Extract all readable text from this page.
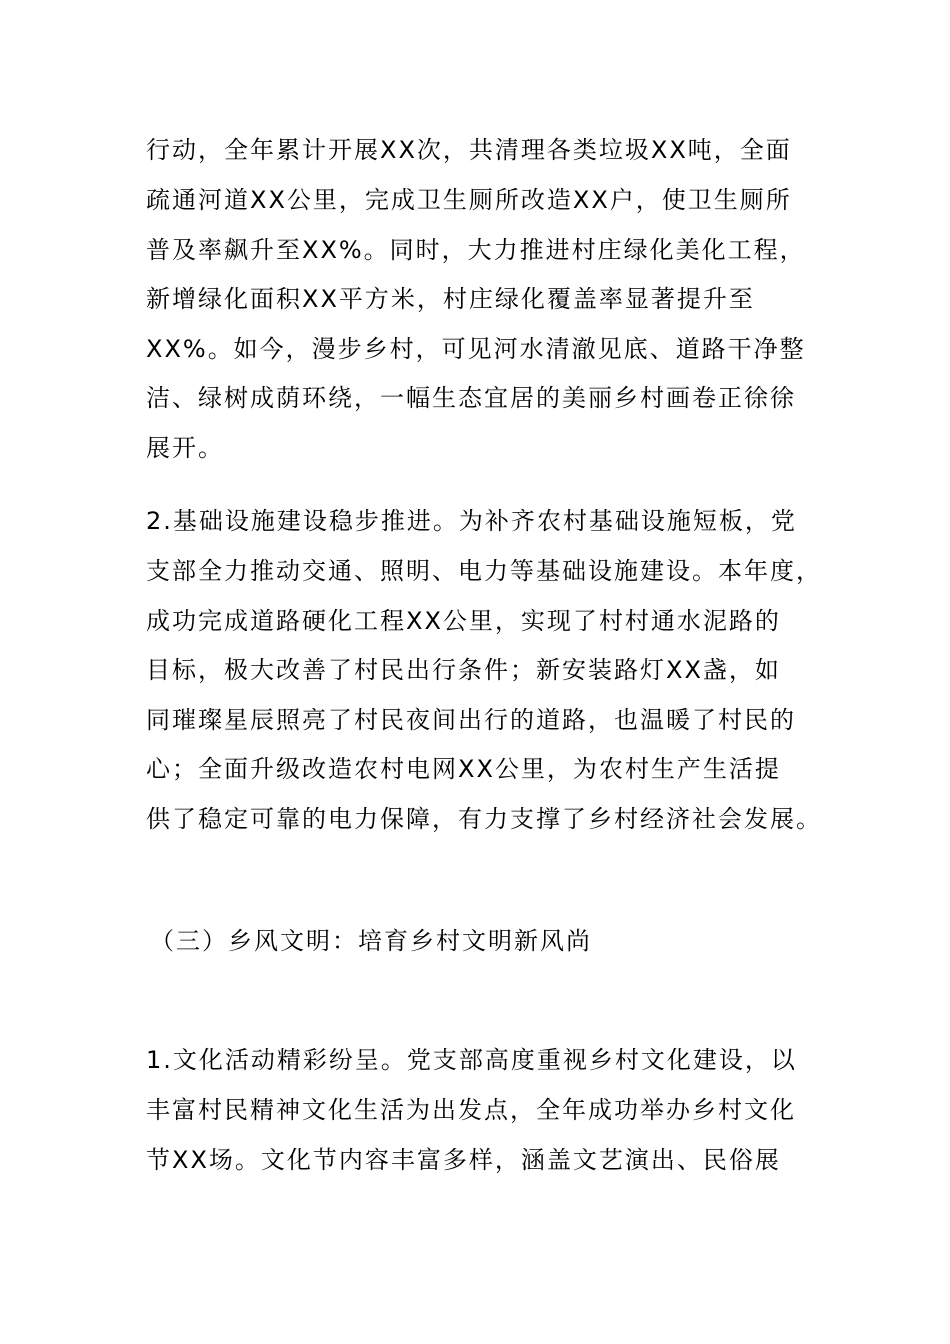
行动，全年累计开展XX次，共清理各类垃圾XX吨，全面
疏通河道XX公里，完成卫生厕所改造XX户，使卫生厕所
普及率飙升至XX%。同时，大力推进村庄绿化美化工程，
新增绿化面积XX平方米，村庄绿化覆盖率显著提升至
XX%。如今，漫步乡村，可见河水清澈见底、道路干净整
洁、绿树成荫环绕，一幅生态宜居的美丽乡村画卷正徐徐
展开。
2.基础设施建设稳步推进。为补齐农村基础设施短板，党
支部全力推动交通、照明、电力等基础设施建设。本年度，
成功完成道路硬化工程XX公里，实现了村村通水泥路的
目标，极大改善了村民出行条件；新安装路灯XX盏，如
同璀璨星辰照亮了村民夜间出行的道路，也温暖了村民的
心；全面升级改造农村电网XX公里，为农村生产生活提
供了稳定可靠的电力保障，有力支撑了乡村经济社会发展。
（三）乡风文明：培育乡村文明新风尚
1.文化活动精彩纷呈。党支部高度重视乡村文化建设，以
丰富村民精神文化生活为出发点，全年成功举办乡村文化
节XX场。文化节内容丰富多样，涵盖文艺演出、民俗展
